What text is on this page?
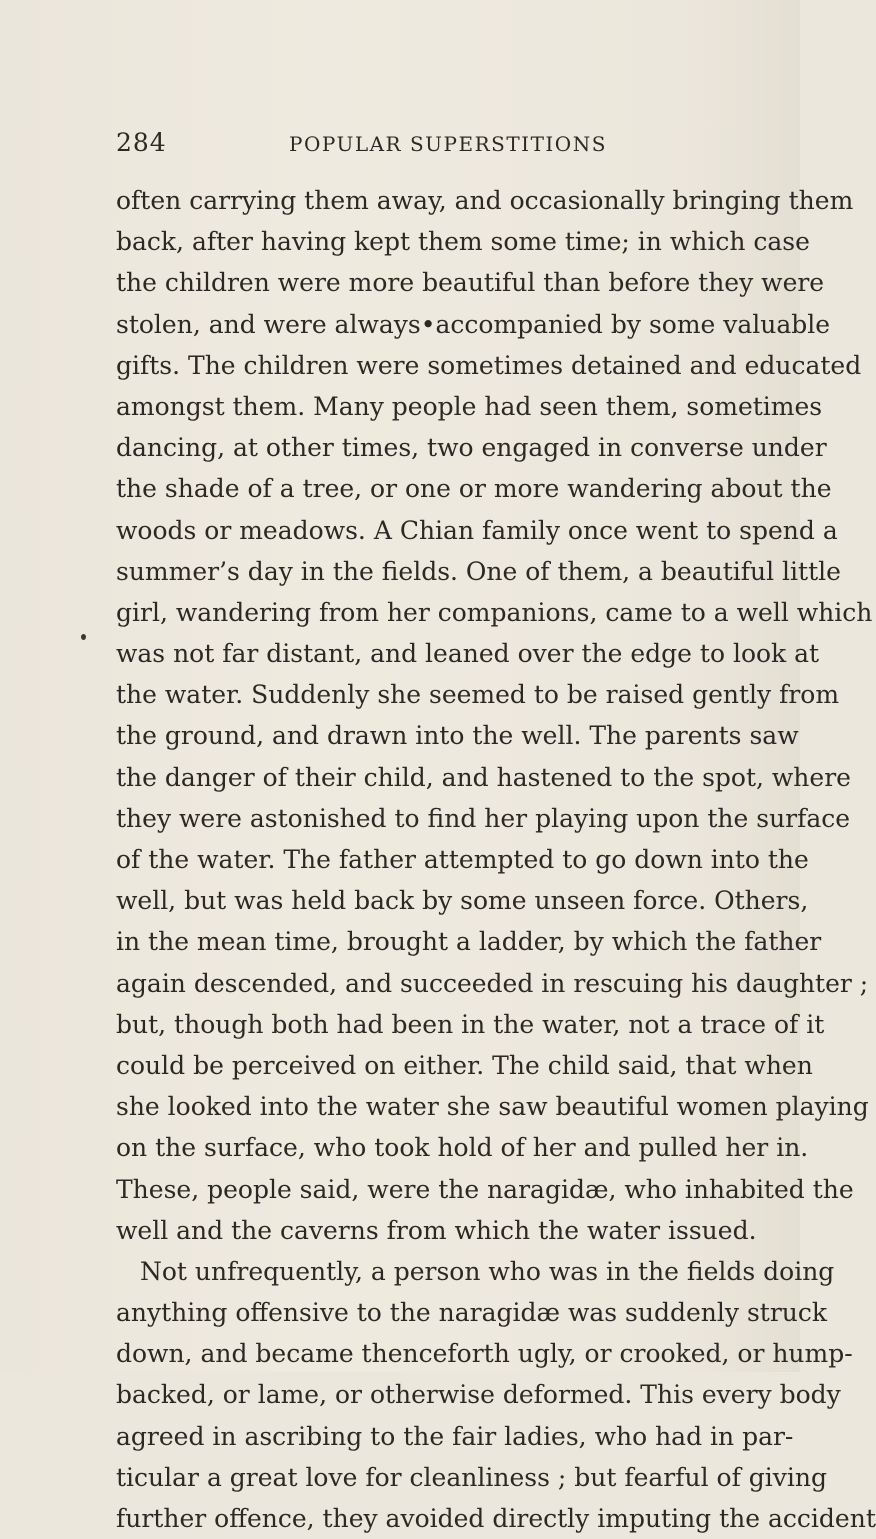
284	POPULAR SUPERSTITIONS
often carrying them away, and occasionally bringing them
back, after having kept them some time; in which case
the children were more beautiful than before they were
stolen, and were always•accompanied by some valuable
gifts. The children were sometimes detained and educated
amongst them. Many people had seen them, sometimes
dancing, at other times, two engaged in converse under
the shade of a tree, or one or more wandering about the
woods or meadows. A Chian family once went to spend a
summer’s day in the fields. One of them, a beautiful little
girl, wandering from her companions, came to a well which
was not far distant, and leaned over the edge to look at
the water. Suddenly she seemed to be raised gently from
the ground, and drawn into the well. The parents saw
the danger of their child, and hastened to the spot, where
they were astonished to find her playing upon the surface
of the water. The father attempted to go down into the
well, but was held back by some unseen force. Others,
in the mean time, brought a ladder, by which the father
again descended, and succeeded in rescuing his daughter ;
but, though both had been in the water, not a trace of it
could be perceived on either. The child said, that when
she looked into the water she saw beautiful women playing
on the surface, who took hold of her and pulled her in.
These, people said, were the naragidæ, who inhabited the
well and the caverns from which the water issued.
Not unfrequently, a person who was in the fields doing
anything offensive to the naragidæ was suddenly struck
down, and became thenceforth ugly, or crooked, or hump-
backed, or lame, or otherwise deformed. This every body
agreed in ascribing to the fair ladies, who had in par-
ticular a great love for cleanliness ; but fearful of giving
further offence, they avoided directly imputing the accident
